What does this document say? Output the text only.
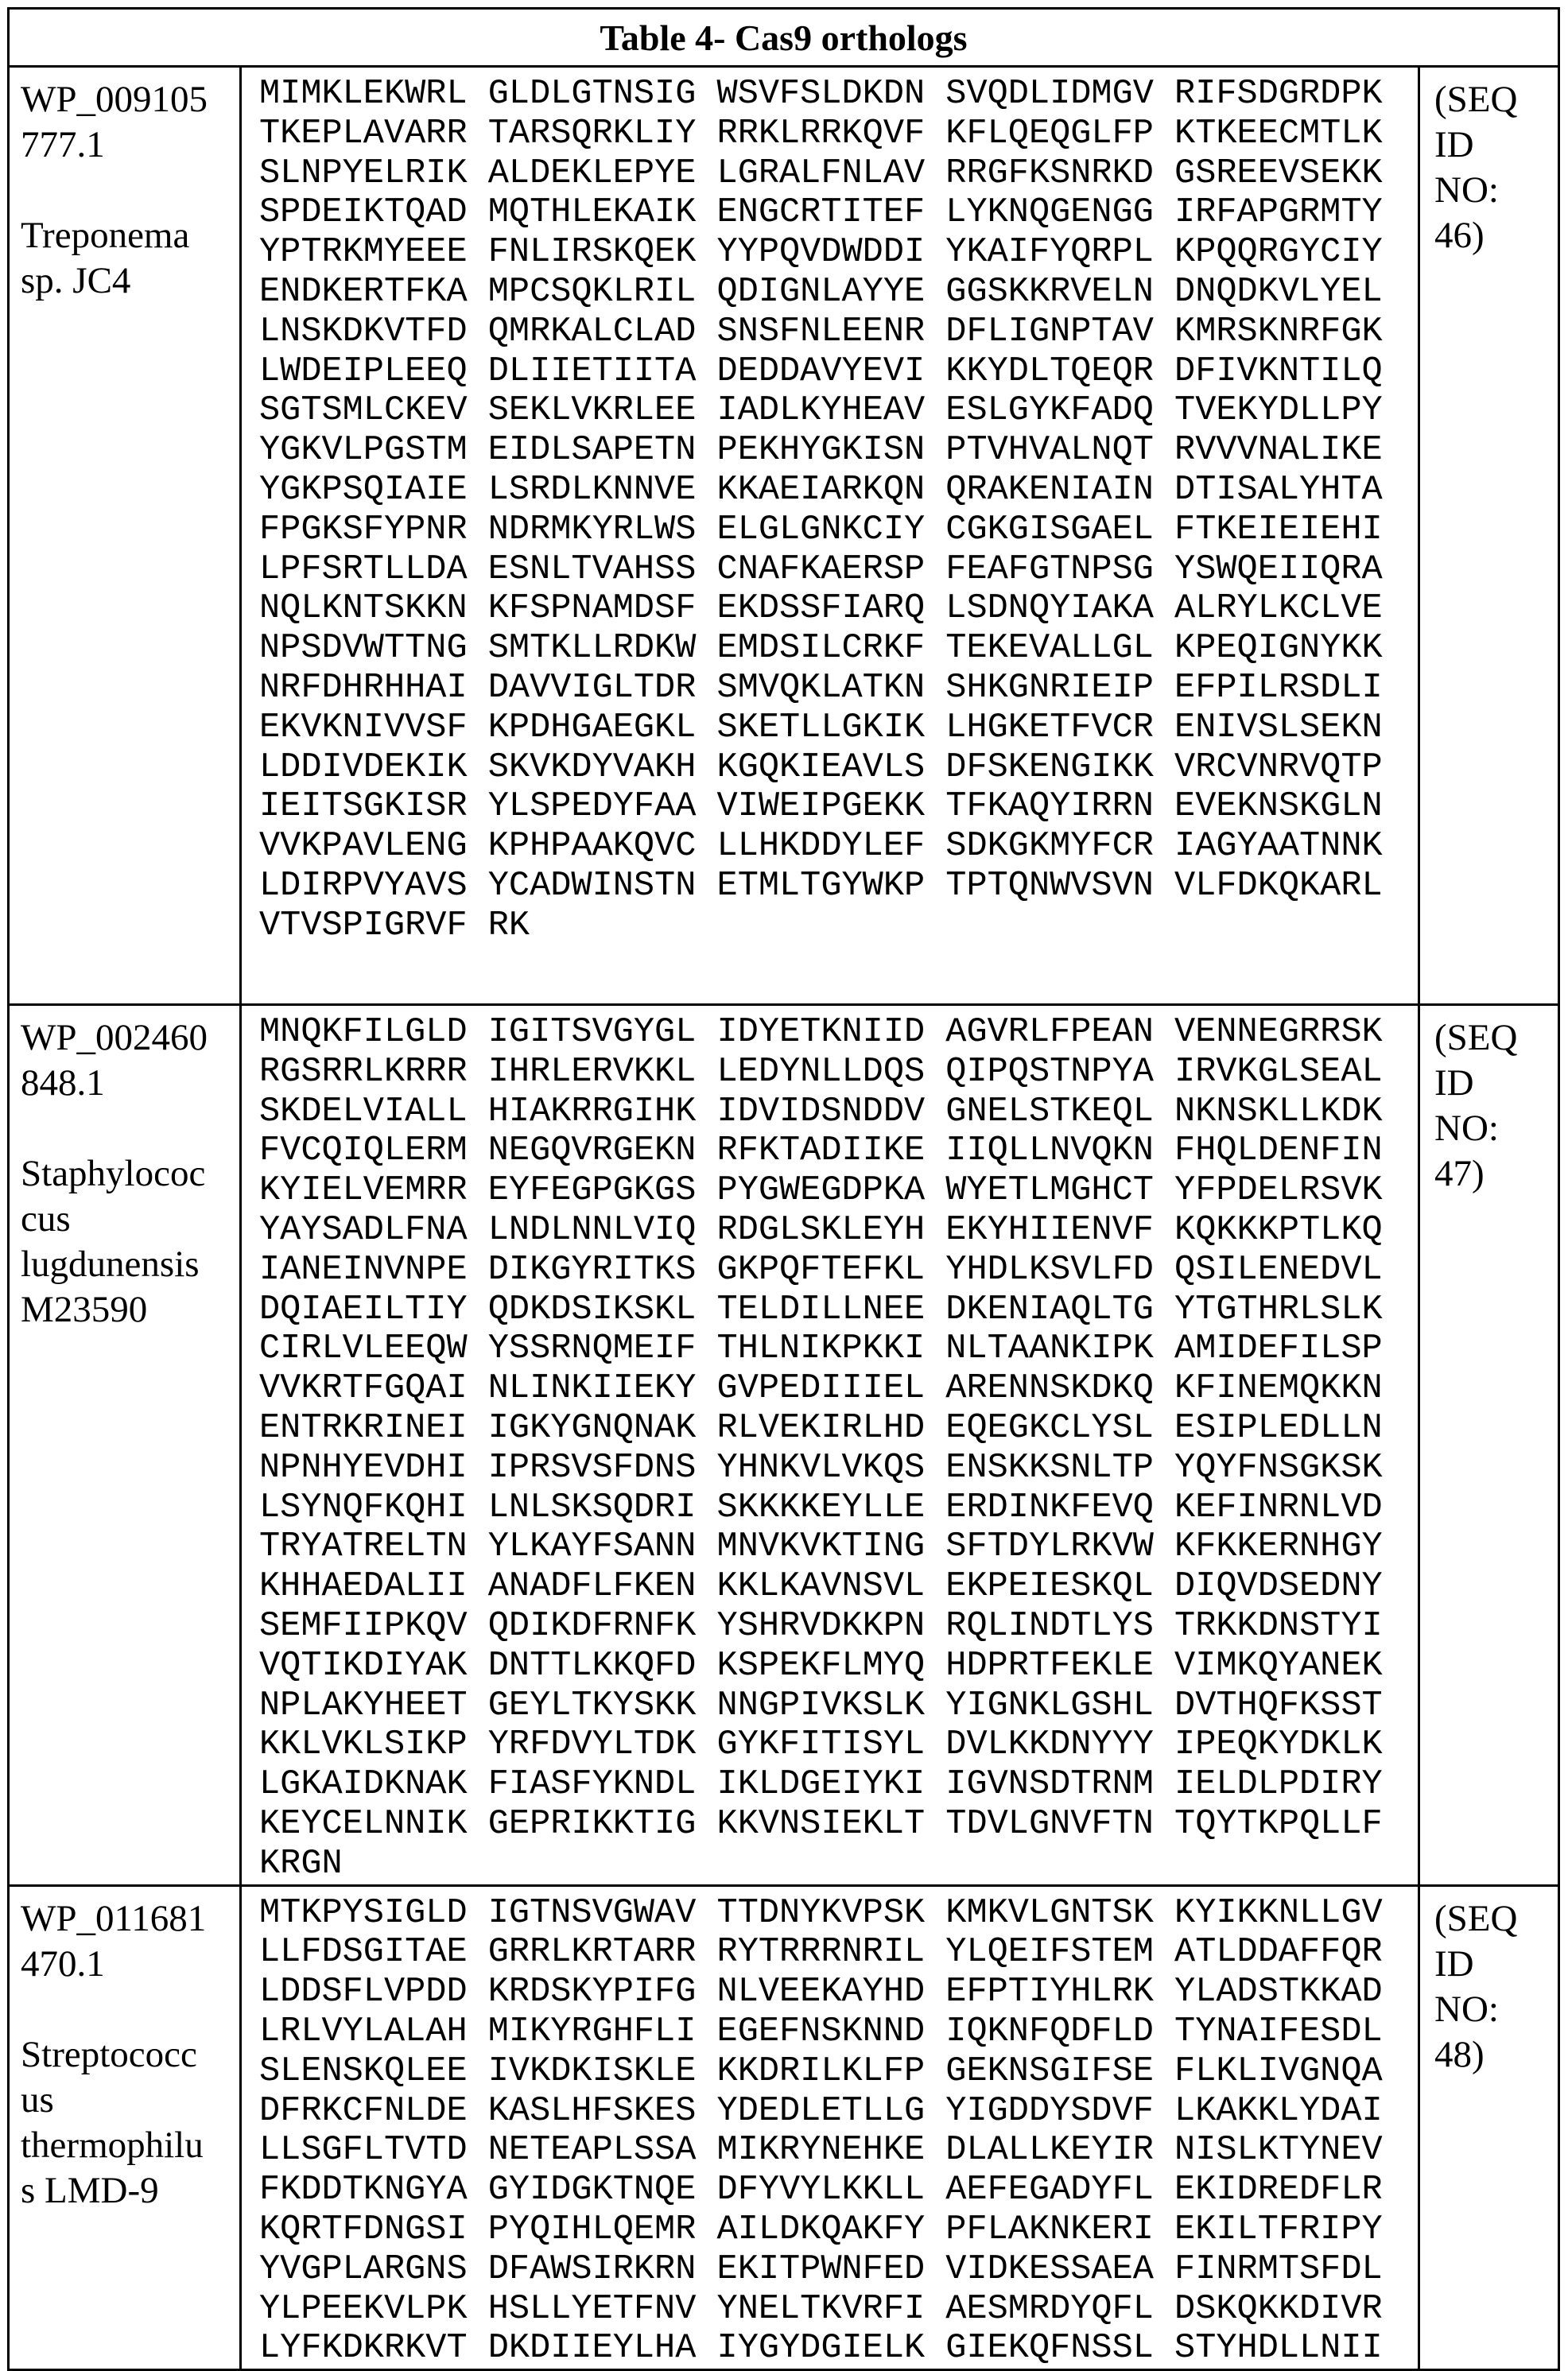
Table 4- Cas9 orthologs

WP_009105
777.1
Treponema
sp. JC4

MIMKLEKWRL GLDLGTNSIG WSVFSLDKDN SVQDLIDMGV RIFSDGRDPK
TKEPLAVARR TARSQRKLIY RRKLRRKQVF KFLQEQGLFP KTKEECMTLK
SLNPYELRIK ALDEKLEPYE LGRALFNLAV RRGFKSNRKD GSREEVSEKK
SPDEIKTQAD MQTHLEKAIK ENGCRTITEF LYKNQGENGG IRFAPGRMTY
YPTRKMYEEE FNLIRSKQEK YYPQVDWDDI YKAIFYQRPL KPQQRGYCIY
ENDKERTFKA MPCSQKLRIL QDIGNLAYYE GGSKKRVELN DNQDKVLYEL
LNSKDKVTFD QMRKALCLAD SNSFNLEENR DFLIGNPTAV KMRSKNRFGK
LWDEIPLEEQ DLIIETIITA DEDDAVYEVI KKYDLTQEQR DFIVKNTILQ
SGTSMLCKEV SEKLVKRLEE IADLKYHEAV ESLGYKFADQ TVEKYDLLPY
YGKVLPGSTM EIDLSAPETN PEKHYGKISN PTVHVALNQT RVVVNALIKE
YGKPSQIAIE LSRDLKNNVE KKAEIARKQN QRAKENIAIN DTISALYHTA
FPGKSFYPNR NDRMKYRLWS ELGLGNKCIY CGKGISGAEL FTKEIEIEHI
LPFSRTLLDA ESNLTVAHSS CNAFKAERSP FEAFGTNPSG YSWQEIIQRA
NQLKNTSKKN KFSPNAMDSF EKDSSFIARQ LSDNQYIAKA ALRYLKCLVE
NPSDVWTTNG SMTKLLRDKW EMDSILCRKF TEKEVALLGL KPEQIGNYKK
NRFDHRHHAI DAVVIGLTDR SMVQKLATKN SHKGNRIEIP EFPILRSDLI
EKVKNIVVSF KPDHGAEGKL SKETLLGKIK LHGKETFVCR ENIVSLSEKN
LDDIVDEKIK SKVKDYVAKH KGQKIEAVLS DFSKENGIKK VRCVNRVQTP
IEITSGKISR YLSPEDYFAA VIWEIPGEKK TFKAQYIRRN EVEKNSKGLN
VVKPAVLENG KPHPAAKQVC LLHKDDYLEF SDKGKMYFCR IAGYAATNNK
LDIRPVYAVS YCADWINSTN ETMLTGYWKP TPTQNWVSVN VLFDKQKARL
VTVSPIGRVF RK

(SEQ
ID
NO:
46)

WP_002460
848.1
Staphylococ
cus
lugdunensis
M23590

MNQKFILGLD IGITSVGYGL IDYETKNIID AGVRLFPEAN VENNEGRRSK
RGSRRLKRRR IHRLERVKKL LEDYNLLDQS QIPQSTNPYA IRVKGLSEAL
SKDELVIALL HIAKRRGIHK IDVIDSNDDV GNELSTKEQL NKNSKLLKDK
FVCQIQLERM NEGQVRGEKN RFKTADIIKE IIQLLNVQKN FHQLDENFIN
KYIELVEMRR EYFEGPGKGS PYGWEGDPKA WYETLMGHCT YFPDELRSVK
YAYSADLFNA LNDLNNLVIQ RDGLSKLEYH EKYHIIENVF KQKKKPTLKQ
IANEINVNPE DIKGYRITKS GKPQFTEFKL YHDLKSVLFD QSILENEDVL
DQIAEILTIY QDKDSIKSKL TELDILLNEE DKENIAQLTG YTGTHRLSLK
CIRLVLEEQW YSSRNQMEIF THLNIKPKKI NLTAANKIPK AMIDEFILSP
VVKRTFGQAI NLINKIIEKY GVPEDIIIEL ARENNSKDKQ KFINEMQKKN
ENTRKRINEI IGKYGNQNAK RLVEKIRLHD EQEGKCLYSL ESIPLEDLLN
NPNHYEVDHI IPRSVSFDNS YHNKVLVKQS ENSKKSNLTP YQYFNSGKSK
LSYNQFKQHI LNLSKSQDRI SKKKKEYLLE ERDINKFEVQ KEFINRNLVD
TRYATRELTN YLKAYFSANN MNVKVKTING SFTDYLRKVW KFKKERNHGY
KHHAEDALII ANADFLFKEN KKLKAVNSVL EKPEIESKQL DIQVDSEDNY
SEMFIIPKQV QDIKDFRNFK YSHRVDKKPN RQLINDTLYS TRKKDNSTYI
VQTIKDIYAK DNTTLKKQFD KSPEKFLMYQ HDPRTFEKLE VIMKQYANEK
NPLAKYHEET GEYLTKYSKK NNGPIVKSLK YIGNKLGSHL DVTHQFKSST
KKLVKLSIKP YRFDVYLTDK GYKFITISYL DVLKKDNYYY IPEQKYDKLK
LGKAIDKNAK FIASFYKNDL IKLDGEIYKI IGVNSDTRNM IELDLPDIRY
KEYCELNNIK GEPRIKKTIG KKVNSIEKLT TDVLGNVFTN TQYTKPQLLF
KRGN

(SEQ
ID
NO:
47)

WP_011681
470.1
Streptococc
us
thermophilu
s LMD-9

MTKPYSIGLD IGTNSVGWAV TTDNYKVPSK KMKVLGNTSK KYIKKNLLGV
LLFDSGITAE GRRLKRTARR RYTRRRNRIL YLQEIFSTEM ATLDDAFFQR
LDDSFLVPDD KRDSKYPIFG NLVEEKAYHD EFPTIYHLRK YLADSTKKAD
LRLVYLALAH MIKYRGHFLI EGEFNSKNND IQKNFQDFLD TYNAIFESDL
SLENSKQLEE IVKDKISKLE KKDRILKLFP GEKNSGIFSE FLKLIVGNQA
DFRKCFNLDE KASLHFSKES YDEDLETLLG YIGDDYSDVF LKAKKLYDAI
LLSGFLTVTD NETEAPLSSA MIKRYNEHKE DLALLKEYIR NISLKTYNEV
FKDDTKNGYA GYIDGKTNQE DFYVYLKKLL AEFEGADYFL EKIDREDFLR
KQRTFDNGSI PYQIHLQEMR AILDKQAKFY PFLAKNKERI EKILTFRIPY
YVGPLARGNS DFAWSIRKRN EKITPWNFED VIDKESSAEA FINRMTSFDL
YLPEEKVLPK HSLLYETFNV YNELTKVRFI AESMRDYQFL DSKQKKDIVR
LYFKDKRKVT DKDIIEYLHA IYGYDGIELK GIEKQFNSSL STYHDLLNII

(SEQ
ID
NO:
48)
